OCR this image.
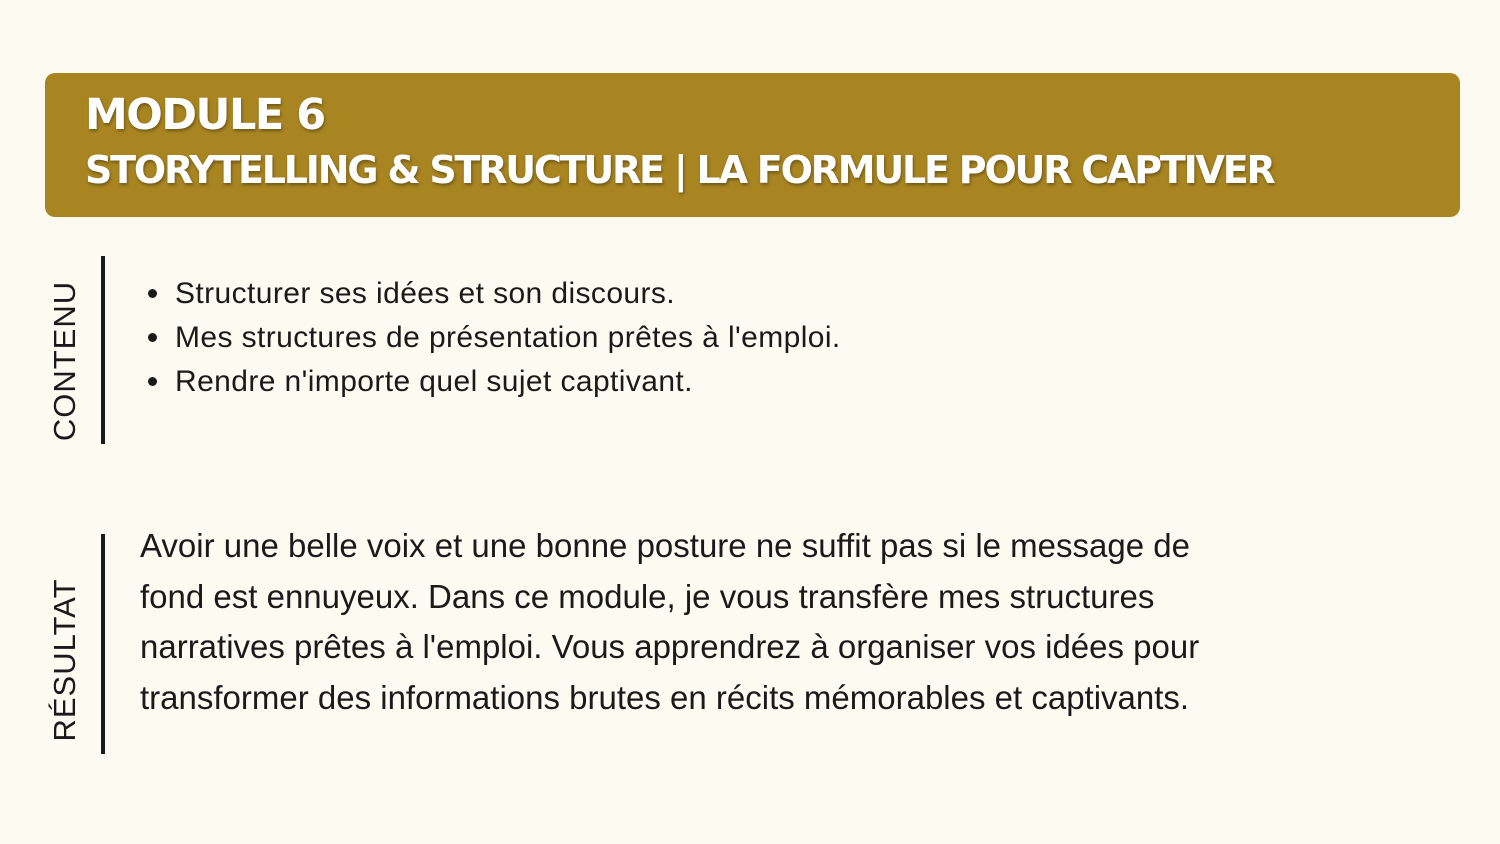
MODULE 6
STORYTELLING & STRUCTURE | LA FORMULE POUR CAPTIVER
CONTENU	Structurer ses idées et son discours.
Mes structures de présentation prêtes à l'emploi.
Rendre n'importe quel sujet captivant.
RÉSULTAT
Avoir une belle voix et une bonne posture ne suffit pas si le message de fond est ennuyeux. Dans ce module, je vous transfère mes structures narratives prêtes à l'emploi. Vous apprendrez à organiser vos idées pour transformer des informations brutes en récits mémorables et captivants.
